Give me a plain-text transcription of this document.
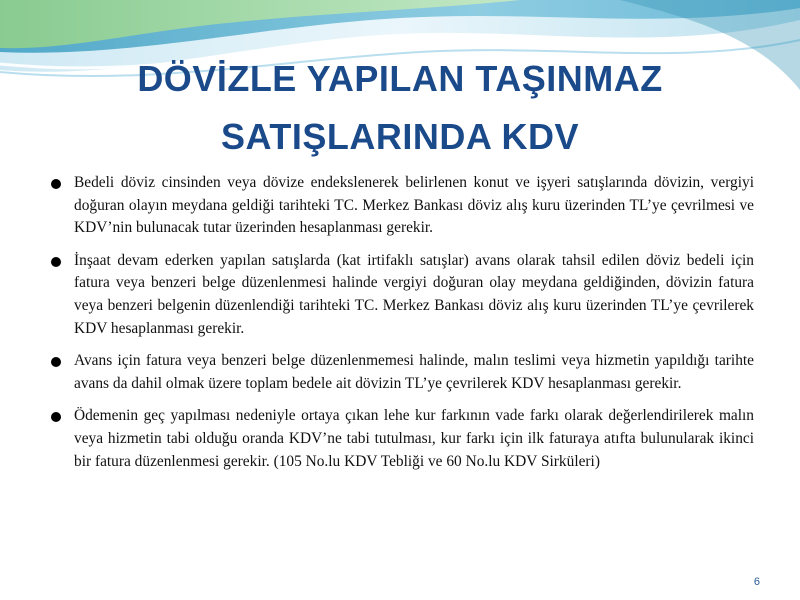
DÖVİZLE YAPILAN TAŞINMAZ
SATIŞLARINDA KDV
Bedeli döviz cinsinden veya dövize endekslenerek belirlenen konut ve işyeri satışlarında dövizin, vergiyi doğuran olayın meydana geldiği tarihteki TC. Merkez Bankası döviz alış kuru üzerinden TL’ye çevrilmesi ve KDV’nin bulunacak tutar üzerinden hesaplanması gerekir.
İnşaat devam ederken yapılan satışlarda (kat irtifaklı satışlar) avans olarak tahsil edilen döviz bedeli için fatura veya benzeri belge düzenlenmesi halinde vergiyi doğuran olay meydana geldiğinden, dövizin fatura veya benzeri belgenin düzenlendiği tarihteki TC. Merkez Bankası döviz alış kuru üzerinden TL’ye çevrilerek KDV hesaplanması gerekir.
Avans için fatura veya benzeri belge düzenlenmemesi halinde, malın teslimi veya hizmetin yapıldığı tarihte avans da dahil olmak üzere toplam bedele ait dövizin TL’ye çevrilerek KDV hesaplanması gerekir.
Ödemenin geç yapılması nedeniyle ortaya çıkan lehe kur farkının vade farkı olarak değerlendirilerek malın veya hizmetin tabi olduğu oranda KDV’ne tabi tutulması, kur farkı için ilk faturaya atıfta bulunularak ikinci bir fatura düzenlenmesi gerekir. (105 No.lu KDV Tebliği ve 60 No.lu KDV Sirküleri)
6
